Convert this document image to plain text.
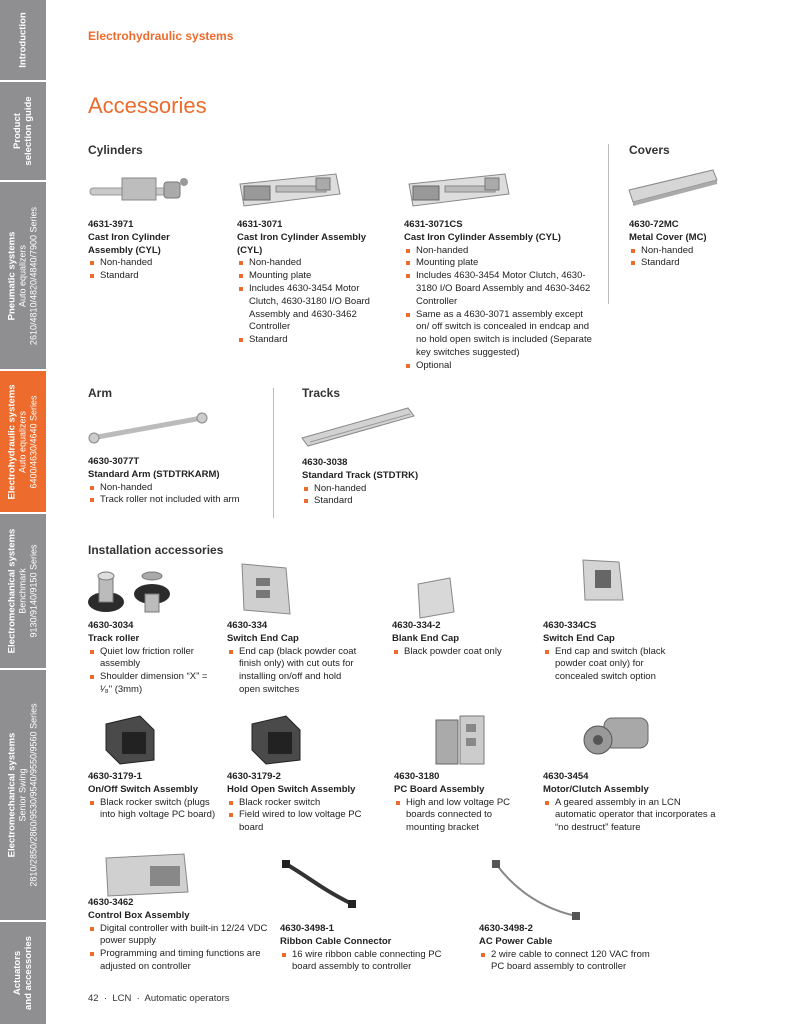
Introduction
Product selection guide
Pneumatic systems Auto equalizers 2610/4810/4820/4840/7900 Series
Electrohydraulic systems Auto equalizers 6400/4630/4640 Series
Electromechanical systems Benchmark 9130/9140/9150 Series
Electromechanical systems Senior Swing 2810/2850/2860/9530/9540/9550/9560 Series
Actuators and accessories
Electrohydraulic systems
Accessories
Cylinders	Covers
Arm	Tracks
Installation accessories
4631-3971
Cast Iron Cylinder
Assembly (CYL)
Non-handed
Standard
4631-3071
Cast Iron Cylinder Assembly
(CYL)
Non-handed
Mounting plate
Includes 4630-3454 Motor Clutch, 4630-3180 I/O Board Assembly and 4630-3462 Controller
Standard
4631-3071CS
Cast Iron Cylinder Assembly (CYL)
Non-handed
Mounting plate
Includes 4630-3454 Motor Clutch, 4630-3180 I/O Board Assembly and 4630-3462 Controller
Same as a 4630-3071 assembly except on/ off switch is concealed in endcap and no hold open switch is included (Separate key switches suggested)
Optional
4630-72MC
Metal Cover (MC)
Non-handed
Standard
4630-3077T
Standard Arm (STDTRKARM)
Non-handed
Track roller not included with arm
4630-3038
Standard Track (STDTRK)
Non-handed
Standard
4630-3034
Track roller
Quiet low friction roller assembly
Shoulder dimension “X” = ¹⁄₈" (3mm)
4630-334
Switch End Cap
End cap (black powder coat finish only) with cut outs for installing on/off and hold open switches
4630-334-2
Blank End Cap
Black powder coat only
4630-334CS
Switch End Cap
End cap and switch (black powder coat only) for concealed switch option
4630-3179-1
On/Off Switch Assembly
Black rocker switch (plugs into high voltage PC board)
4630-3179-2
Hold Open Switch Assembly
Black rocker switch
Field wired to low voltage PC board
4630-3180
PC Board Assembly
High and low voltage PC boards connected to mounting bracket
4630-3454
Motor/Clutch Assembly
A geared assembly in an LCN automatic operator that incorporates a “no destruct” feature
4630-3462
Control Box Assembly
Digital controller with built-in 12/24 VDC power supply
Programming and timing functions are adjusted on controller
4630-3498-1
Ribbon Cable Connector
16 wire ribbon cable connecting PC board assembly to controller
4630-3498-2
AC Power Cable
2 wire cable to connect 120 VAC from PC board assembly to controller
42 · LCN · Automatic operators
